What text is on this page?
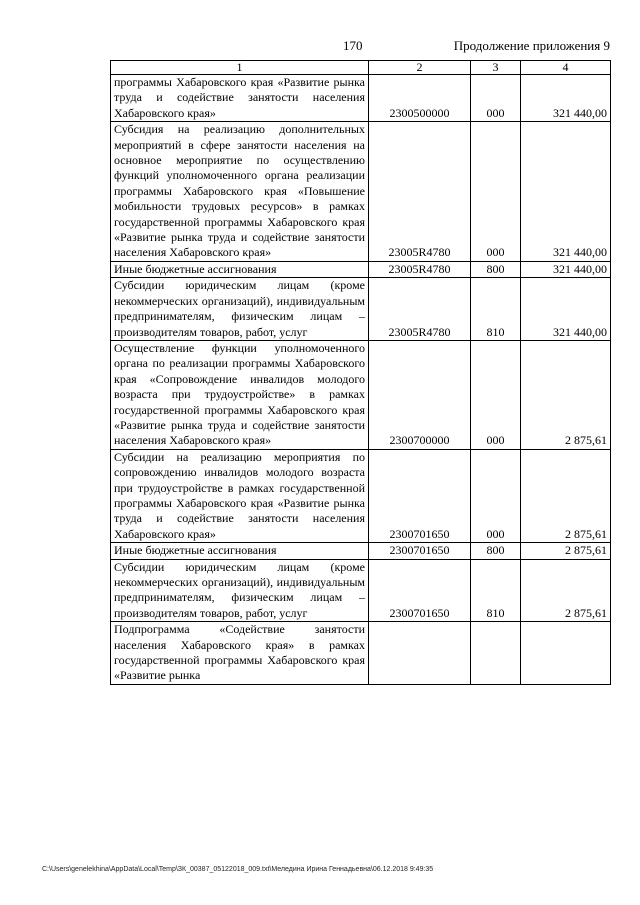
170	Продолжение приложения 9
1	2	3	4
программы Хабаровского края «Развитие рынка труда и содействие занятости населения Хабаровского края»	2300500000	000	321 440,00
Субсидия на реализацию дополнительных мероприятий в сфере занятости населения на основное мероприятие по осуществлению функций уполномоченного органа реализации программы Хабаровского края «Повышение мобильности трудовых ресурсов» в рамках государственной программы Хабаровского края «Развитие рынка труда и содействие занятости населения Хабаровского края»	23005R4780	000	321 440,00
Иные бюджетные ассигнования	23005R4780	800	321 440,00
Субсидии юридическим лицам (кроме некоммерческих организаций), индивидуальным предпринимателям, физическим лицам – производителям товаров, работ, услуг	23005R4780	810	321 440,00
Осуществление функции уполномоченного органа по реализации программы Хабаровского края «Сопровождение инвалидов молодого возраста при трудоустройстве» в рамках государственной программы Хабаровского края «Развитие рынка труда и содействие занятости населения Хабаровского края»	2300700000	000	2 875,61
Субсидии на реализацию мероприятия по сопровождению инвалидов молодого возраста при трудоустройстве в рамках государственной программы Хабаровского края «Развитие рынка труда и содействие занятости населения Хабаровского края»	2300701650	000	2 875,61
Иные бюджетные ассигнования	2300701650	800	2 875,61
Субсидии юридическим лицам (кроме некоммерческих организаций), индивидуальным предпринимателям, физическим лицам – производителям товаров, работ, услуг	2300701650	810	2 875,61
Подпрограмма «Содействие занятости населения Хабаровского края» в рамках государственной программы Хабаровского края «Развитие рынка			
C:\Users\genelekhina\AppData\Local\Temp\ЗК_00387_05122018_009.txt\Меледина Ирина Геннадьевна\06.12.2018 9:49:35
